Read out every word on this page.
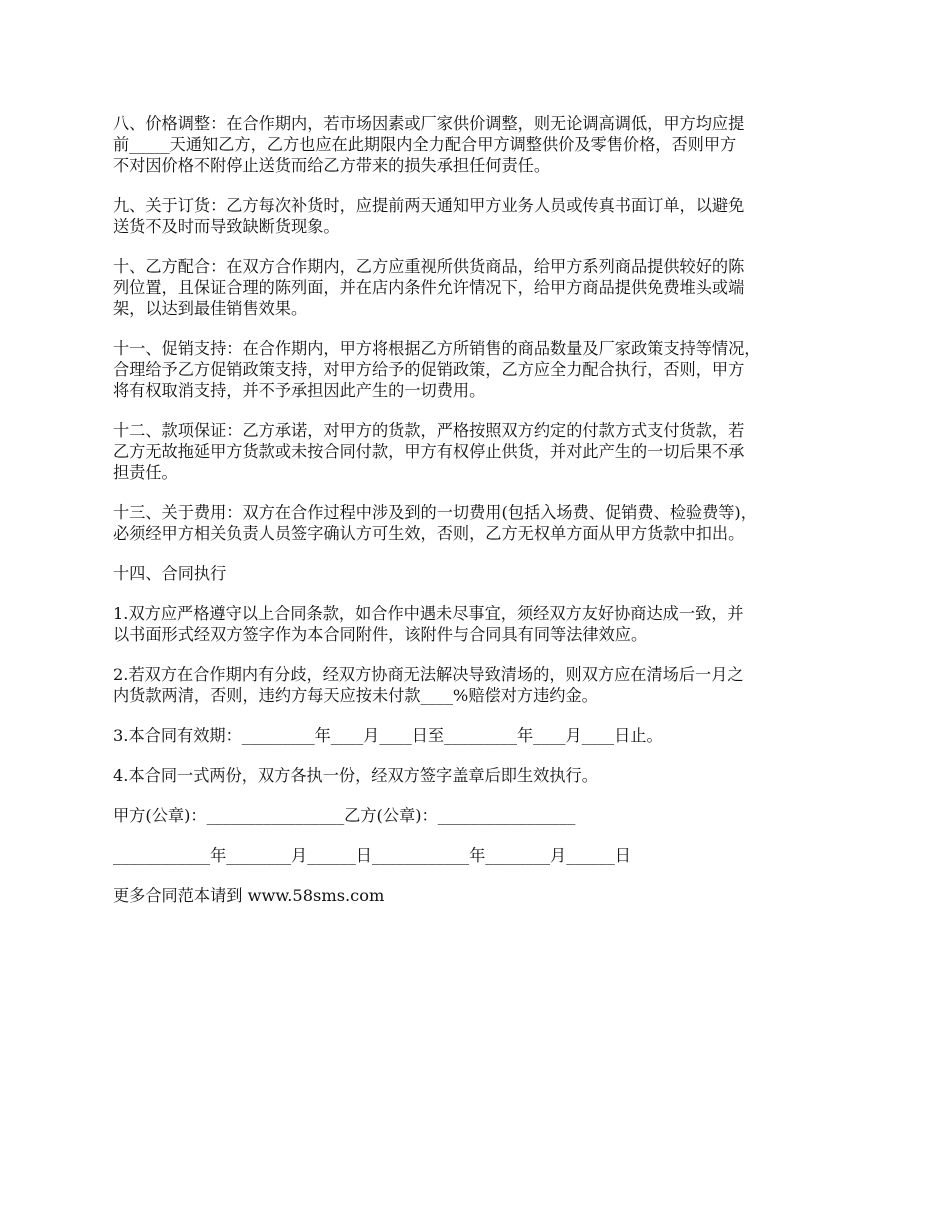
八、价格调整：在合作期内，若市场因素或厂家供价调整，则无论调高调低，甲方均应提
前_____天通知乙方，乙方也应在此期限内全力配合甲方调整供价及零售价格，否则甲方
不对因价格不附停止送货而给乙方带来的损失承担任何责任。
九、关于订货：乙方每次补货时，应提前两天通知甲方业务人员或传真书面订单，以避免
送货不及时而导致缺断货现象。
十、乙方配合：在双方合作期内，乙方应重视所供货商品，给甲方系列商品提供较好的陈
列位置，且保证合理的陈列面，并在店内条件允许情况下，给甲方商品提供免费堆头或端
架，以达到最佳销售效果。
十一、促销支持：在合作期内，甲方将根据乙方所销售的商品数量及厂家政策支持等情况，
合理给予乙方促销政策支持，对甲方给予的促销政策，乙方应全力配合执行，否则，甲方
将有权取消支持，并不予承担因此产生的一切费用。
十二、款项保证：乙方承诺，对甲方的货款，严格按照双方约定的付款方式支付货款，若
乙方无故拖延甲方货款或未按合同付款，甲方有权停止供货，并对此产生的一切后果不承
担责任。
十三、关于费用：双方在合作过程中涉及到的一切费用(包括入场费、促销费、检验费等)，
必须经甲方相关负责人员签字确认方可生效，否则，乙方无权单方面从甲方货款中扣出。
十四、合同执行
1.双方应严格遵守以上合同条款，如合作中遇未尽事宜，须经双方友好协商达成一致，并
以书面形式经双方签字作为本合同附件，该附件与合同具有同等法律效应。
2.若双方在合作期内有分歧，经双方协商无法解决导致清场的，则双方应在清场后一月之
内货款两清，否则，违约方每天应按未付款____%赔偿对方违约金。
3.本合同有效期：_________年____月____日至_________年____月____日止。
4.本合同一式两份，双方各执一份，经双方签字盖章后即生效执行。
甲方(公章)：_________________乙方(公章)：_________________
____________年________月______日____________年________月______日
更多合同范本请到 www.58sms.com
